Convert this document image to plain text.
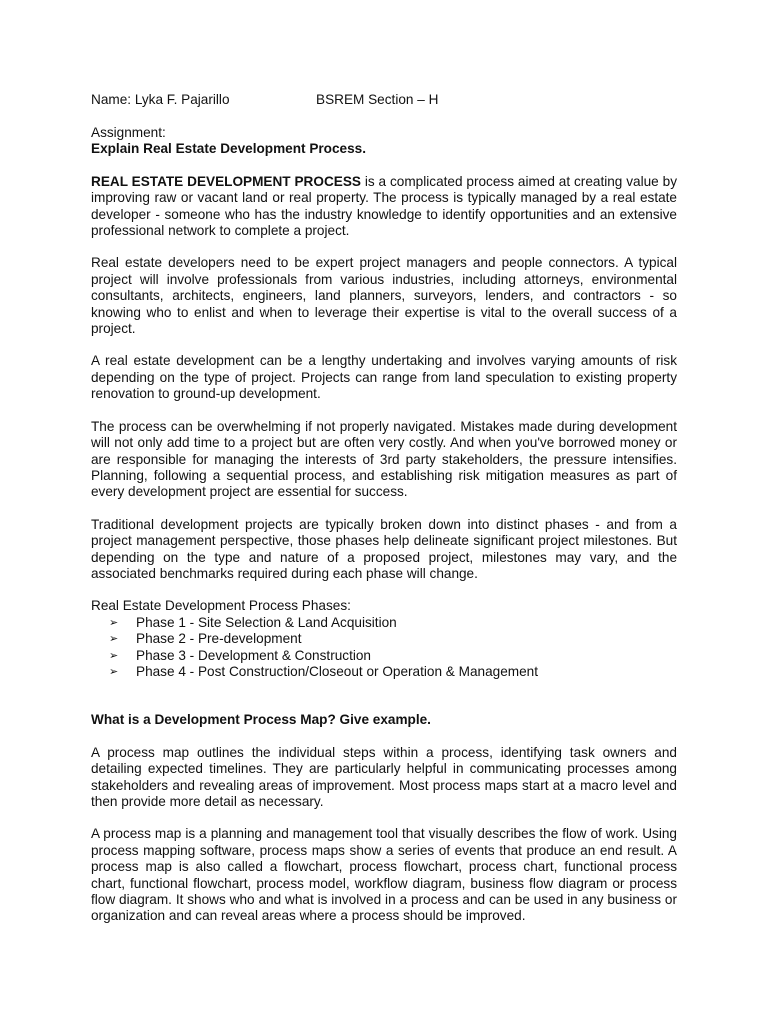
Name: Lyka F. Pajarillo	BSREM Section – H

Assignment:

Explain Real Estate Development Process.

REAL ESTATE DEVELOPMENT PROCESS is a complicated process aimed at creating value by improving raw or vacant land or real property. The process is typically managed by a real estate developer - someone who has the industry knowledge to identify opportunities and an extensive professional network to complete a project.

Real estate developers need to be expert project managers and people connectors. A typical project will involve professionals from various industries, including attorneys, environmental consultants, architects, engineers, land planners, surveyors, lenders, and contractors - so knowing who to enlist and when to leverage their expertise is vital to the overall success of a project.

A real estate development can be a lengthy undertaking and involves varying amounts of risk depending on the type of project. Projects can range from land speculation to existing property renovation to ground-up development.

The process can be overwhelming if not properly navigated. Mistakes made during development will not only add time to a project but are often very costly. And when you've borrowed money or are responsible for managing the interests of 3rd party stakeholders, the pressure intensifies. Planning, following a sequential process, and establishing risk mitigation measures as part of every development project are essential for success.

Traditional development projects are typically broken down into distinct phases - and from a project management perspective, those phases help delineate significant project milestones. But depending on the type and nature of a proposed project, milestones may vary, and the associated benchmarks required during each phase will change.

Real Estate Development Process Phases:

➢ Phase 1 - Site Selection & Land Acquisition
➢ Phase 2 - Pre-development
➢ Phase 3 - Development & Construction
➢ Phase 4 - Post Construction/Closeout or Operation & Management

What is a Development Process Map? Give example.

A process map outlines the individual steps within a process, identifying task owners and detailing expected timelines. They are particularly helpful in communicating processes among stakeholders and revealing areas of improvement. Most process maps start at a macro level and then provide more detail as necessary.

A process map is a planning and management tool that visually describes the flow of work. Using process mapping software, process maps show a series of events that produce an end result. A process map is also called a flowchart, process flowchart, process chart, functional process chart, functional flowchart, process model, workflow diagram, business flow diagram or process flow diagram. It shows who and what is involved in a process and can be used in any business or organization and can reveal areas where a process should be improved.
